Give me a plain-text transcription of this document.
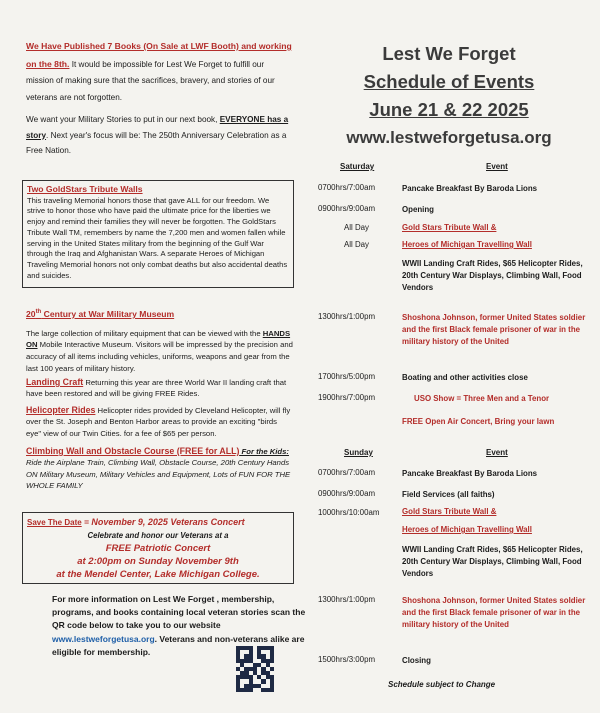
We Have Published 7 Books (On Sale at LWF Booth) and working on the 8th. It would be impossible for Lest We Forget to fulfill our mission of making sure that the sacrifices, bravery, and stories of our veterans are not forgotten.

We want your Military Stories to put in our next book, EVERYONE has a story. Next year's focus will be: The 250th Anniversary Celebration as a Free Nation.

Two GoldStars Tribute Walls
This traveling Memorial honors those that gave ALL for our freedom. We strive to honor those who have paid the ultimate price for the liberties we enjoy and remind their families they will never be forgotten. The GoldStars Tribute Wall TM, remembers by name the 7,200 men and women fallen while serving in the United States military from the beginning of the Gulf War through the Iraq and Afghanistan Wars. A separate Heroes of Michigan Traveling Memorial honors not only combat deaths but also accidental deaths and suicides.
20th Century at War Military Museum
The large collection of military equipment that can be viewed with the HANDS ON Mobile Interactive Museum. Visitors will be impressed by the precision and accuracy of all items including vehicles, uniforms, weapons and gear from the last 100 years of military history.
Landing Craft Returning this year are three World War II landing craft that have been restored and will be giving FREE Rides.
Helicopter Rides Helicopter rides provided by Cleveland Helicopter, will fly over the St. Joseph and Benton Harbor areas to provide an exciting "birds eye" view of our Twin Cities. for a fee of $65 per person.
Climbing Wall and Obstacle Course (FREE for ALL) For the Kids: Ride the Airplane Train, Climbing Wall, Obstacle Course, 20th Century Hands ON Military Museum, Military Vehicles and Equipment, Lots of FUN FOR THE WHOLE FAMILY
Save The Date = November 9, 2025 Veterans Concert
Celebrate and honor our Veterans at a
FREE Patriotic Concert
at 2:00pm on Sunday November 9th
at the Mendel Center, Lake Michigan College.
For more information on Lest We Forget , membership, programs, and books containing local veteran stories scan the QR code below to take you to our website www.lestweforgetusa.org. Veterans and non-veterans alike are eligible for membership.
Lest We Forget
Schedule of Events
June 21 & 22 2025
www.lestweforgetusa.org
Saturday	Event
0700hrs/7:00am	Pancake Breakfast By Baroda Lions
0900hrs/9:00am	Opening
All Day	Gold Stars Tribute Wall &
All Day	Heroes of Michigan Travelling Wall
WWII Landing Craft Rides, $65 Helicopter Rides, 20th Century War Displays, Climbing Wall, Food Vendors
1300hrs/1:00pm	Shoshona Johnson, former United States soldier and the first Black female prisoner of war in the military history of the United
1700hrs/5:00pm	Boating and other activities close
1900hrs/7:00pm	USO Show = Three Men and a Tenor
FREE Open Air Concert, Bring your lawn
Sunday	Event
0700hrs/7:00am	Pancake Breakfast By Baroda Lions
0900hrs/9:00am	Field Services (all faiths)
1000hrs/10:00am	Gold Stars Tribute Wall &
Heroes of Michigan Travelling Wall
WWII Landing Craft Rides, $65 Helicopter Rides, 20th Century War Displays, Climbing Wall, Food Vendors
1300hrs/1:00pm	Shoshona Johnson, former United States soldier and the first Black female prisoner of war in the military history of the United
1500hrs/3:00pm	Closing
Schedule subject to Change
